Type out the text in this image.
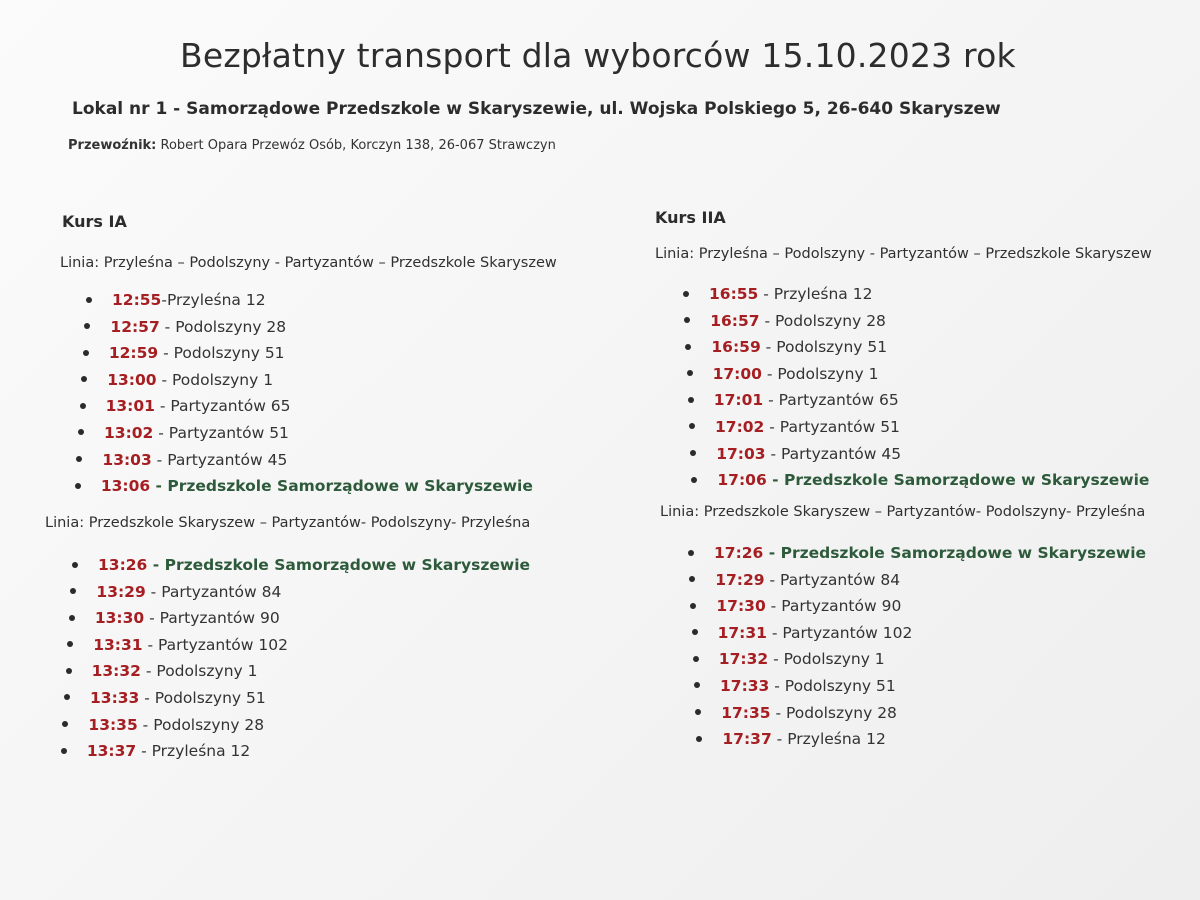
Bezpłatny transport dla wyborców 15.10.2023 rok
Lokal nr 1 - Samorządowe Przedszkole w Skaryszewie, ul. Wojska Polskiego 5, 26-640 Skaryszew
Przewoźnik: Robert Opara Przewóz Osób, Korczyn 138, 26-067 Strawczyn
Kurs IA
Linia: Przyleśna – Podolszyny - Partyzantów – Przedszkole Skaryszew
12:55-Przyleśna 12
12:57 - Podolszyny 28
12:59 - Podolszyny 51
13:00 - Podolszyny 1
13:01 - Partyzantów 65
13:02 - Partyzantów 51
13:03 - Partyzantów 45
13:06 - Przedszkole Samorządowe w Skaryszewie
Linia: Przedszkole Skaryszew – Partyzantów- Podolszyny- Przyleśna
13:26 - Przedszkole Samorządowe w Skaryszewie
13:29 - Partyzantów 84
13:30 - Partyzantów 90
13:31 - Partyzantów 102
13:32 - Podolszyny 1
13:33 - Podolszyny 51
13:35 - Podolszyny 28
13:37 - Przyleśna 12
Kurs IIA
Linia: Przyleśna – Podolszyny - Partyzantów – Przedszkole Skaryszew
16:55 - Przyleśna 12
16:57 - Podolszyny 28
16:59 - Podolszyny 51
17:00 - Podolszyny 1
17:01 - Partyzantów 65
17:02 - Partyzantów 51
17:03 - Partyzantów 45
17:06 - Przedszkole Samorządowe w Skaryszewie
Linia: Przedszkole Skaryszew – Partyzantów- Podolszyny- Przyleśna
17:26 - Przedszkole Samorządowe w Skaryszewie
17:29 - Partyzantów 84
17:30 - Partyzantów 90
17:31 - Partyzantów 102
17:32 - Podolszyny 1
17:33 - Podolszyny 51
17:35 - Podolszyny 28
17:37 - Przyleśna 12
